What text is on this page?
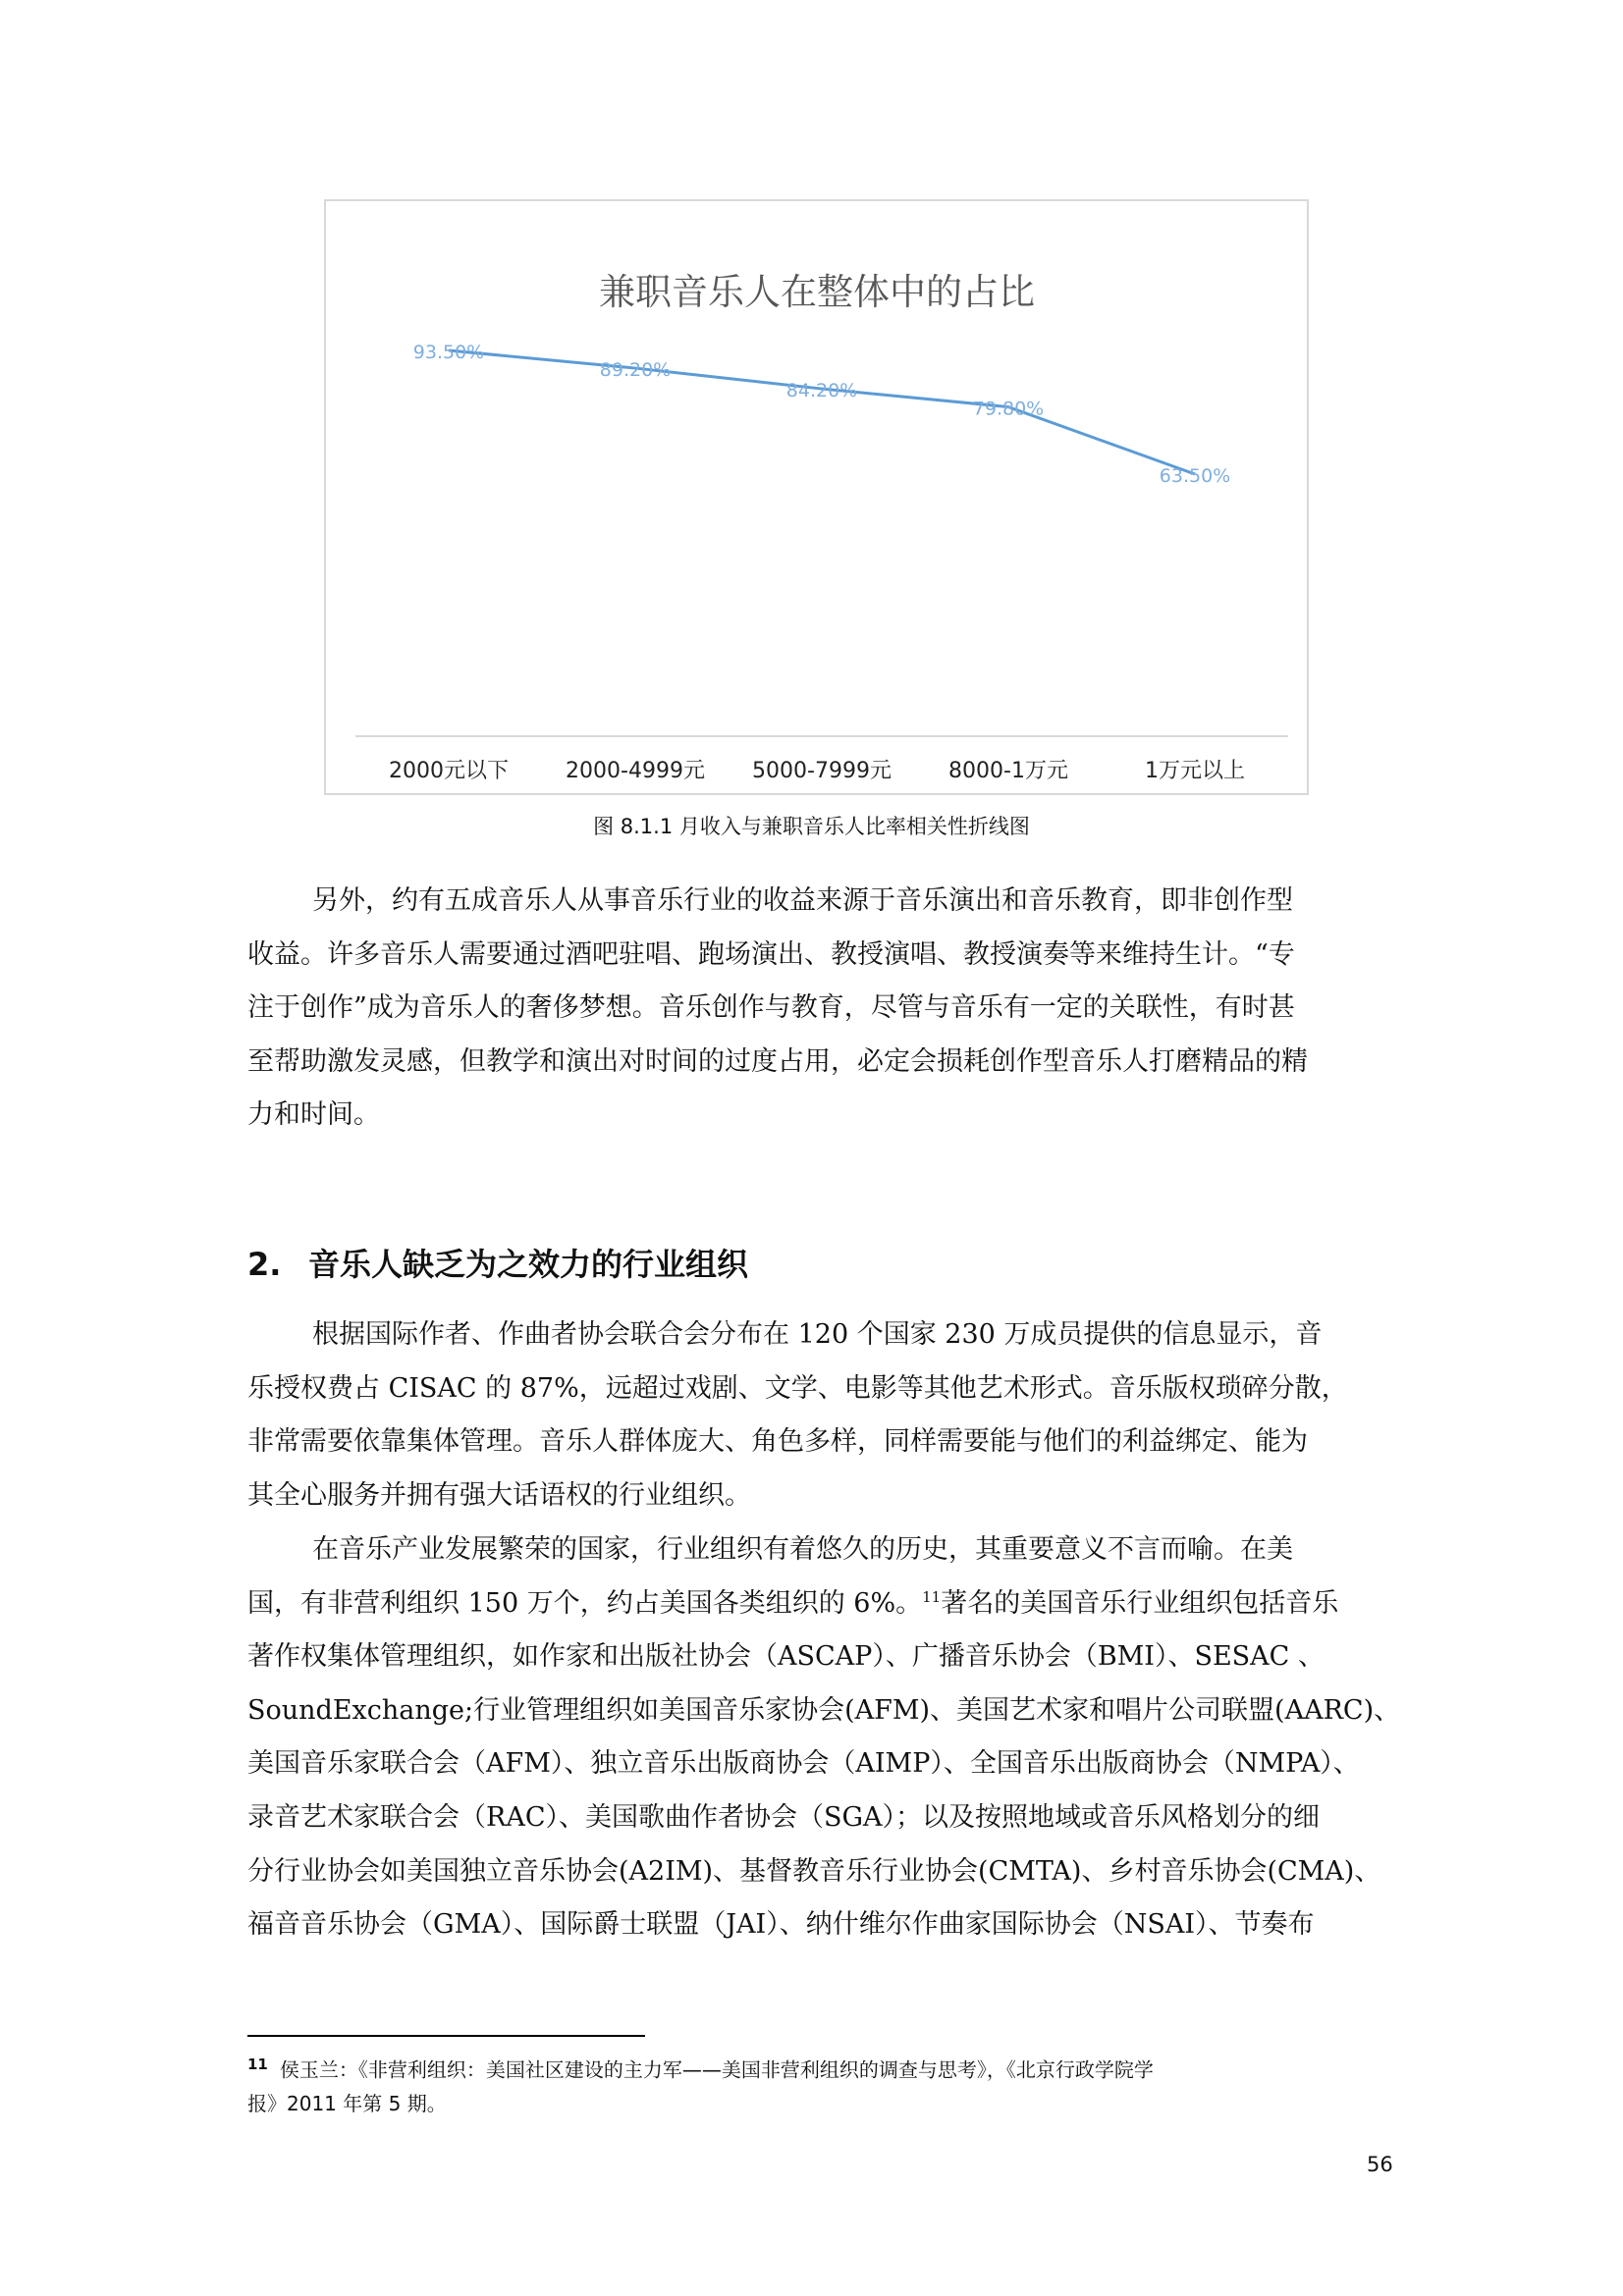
兼职音乐人在整体中的占比
93.50%
89.20%
84.20%
79.80%
63.50%
2000元以下	2000-4999元 5000-7999元	8000-1万元	1万元以上
图 8.1.1 月收入与兼职音乐人比率相关性折线图

另外，约有五成音乐人从事音乐行业的收益来源于音乐演出和音乐教育，即非创作型
收益。许多音乐人需要通过酒吧驻唱、跑场演出、教授演唱、教授演奏等来维持生计。“专
注于创作”成为音乐人的奢侈梦想。音乐创作与教育，尽管与音乐有一定的关联性，有时甚
至帮助激发灵感，但教学和演出对时间的过度占用，必定会损耗创作型音乐人打磨精品的精
力和时间。

2. 音乐人缺乏为之效力的行业组织

根据国际作者、作曲者协会联合会分布在 120 个国家 230 万成员提供的信息显示，音
乐授权费占 CISAC 的 87%，远超过戏剧、文学、电影等其他艺术形式。音乐版权琐碎分散，
非常需要依靠集体管理。音乐人群体庞大、角色多样，同样需要能与他们的利益绑定、能为
其全心服务并拥有强大话语权的行业组织。

在音乐产业发展繁荣的国家，行业组织有着悠久的历史，其重要意义不言而喻。在美
国，有非营利组织 150 万个，约占美国各类组织的 6%。$^{11}$著名的美国音乐行业组织包括音乐
著作权集体管理组织，如作家和出版社协会（ASCAP）、广播音乐协会（BMI）、SESAC 、
SoundExchange;行业管理组织如美国音乐家协会(AFM)、美国艺术家和唱片公司联盟(AARC)、
美国音乐家联合会（AFM）、独立音乐出版商协会（AIMP）、全国音乐出版商协会（NMPA）、
录音艺术家联合会（RAC）、美国歌曲作者协会（SGA）；以及按照地域或音乐风格划分的细
分行业协会如美国独立音乐协会(A2IM)、基督教音乐行业协会(CMTA)、乡村音乐协会(CMA)、
福音音乐协会（GMA）、国际爵士联盟（JAI）、纳什维尔作曲家国际协会（NSAI）、节奏布

$^{11}$ 侯玉兰：《非营利组织：美国社区建设的主力军——美国非营利组织的调查与思考》，《北京行政学院学
报》2011 年第 5 期。

56
